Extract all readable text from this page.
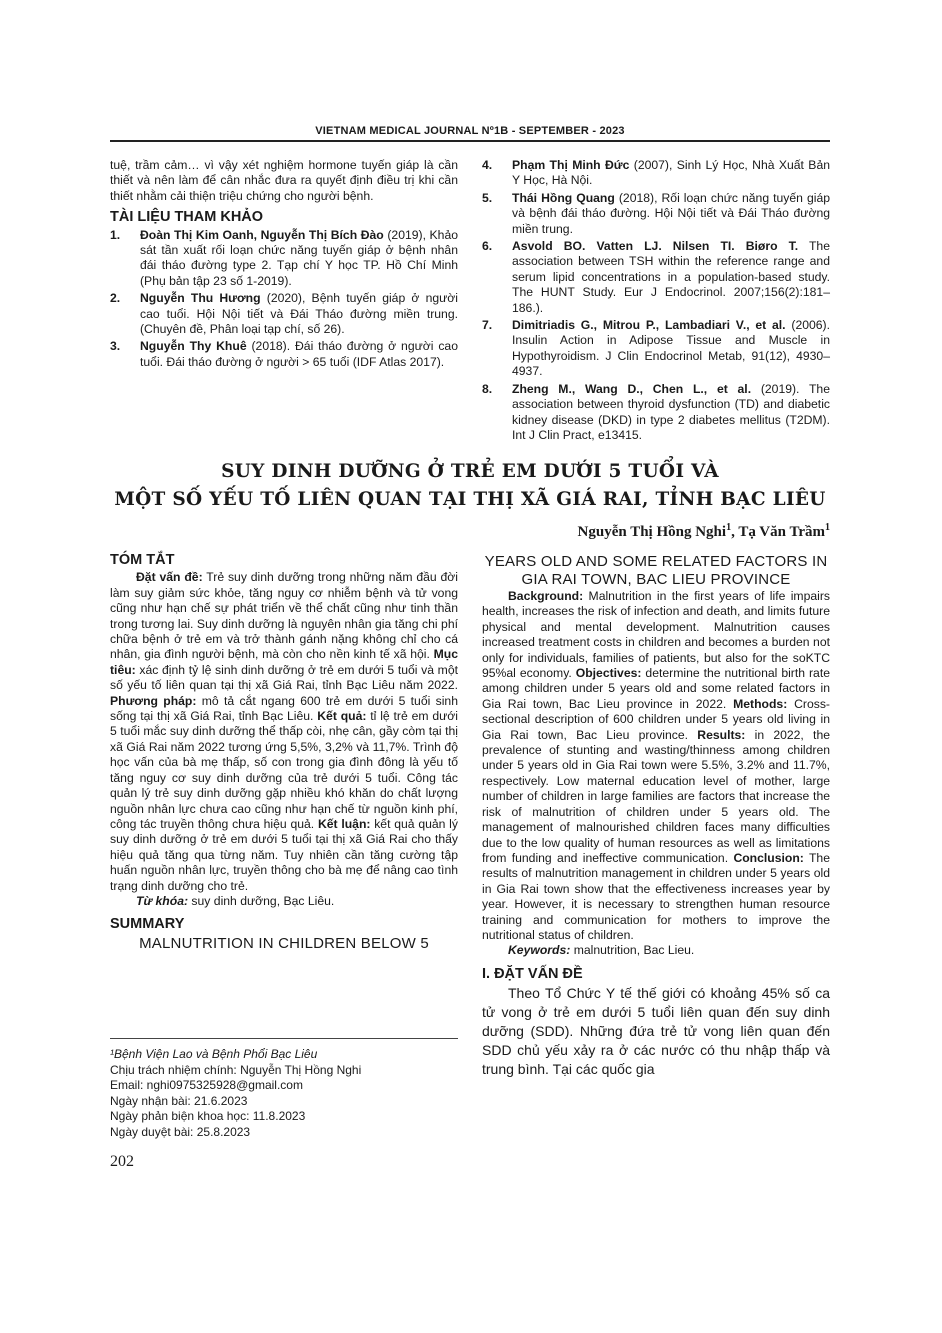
VIETNAM MEDICAL JOURNAL Nº1B - SEPTEMBER - 2023

tuệ, trầm cảm… vì vậy xét nghiệm hormone tuyến giáp là cần thiết và nên làm để cân nhắc đưa ra quyết định điều trị khi cần thiết nhằm cải thiện triệu chứng cho người bệnh.

TÀI LIỆU THAM KHẢO
1. Đoàn Thị Kim Oanh, Nguyễn Thị Bích Đào (2019), Khảo sát tần xuất rối loạn chức năng tuyến giáp ở bệnh nhân đái tháo đường type 2. Tạp chí Y học TP. Hồ Chí Minh (Phụ bản tập 23 số 1-2019).
2. Nguyễn Thu Hương (2020), Bệnh tuyến giáp ở người cao tuổi. Hội Nội tiết và Đái Tháo đường miền trung. (Chuyên đề, Phân loại tạp chí, số 26).
3. Nguyễn Thy Khuê (2018). Đái tháo đường ở người cao tuổi. Đái tháo đường ở người > 65 tuổi (IDF Atlas 2017).
4. Phạm Thị Minh Đức (2007), Sinh Lý Học, Nhà Xuất Bản Y Học, Hà Nội.
5. Thái Hồng Quang (2018), Rối loạn chức năng tuyến giáp và bệnh đái tháo đường. Hội Nội tiết và Đái Tháo đường miền trung.
6. Asvold BO. Vatten LJ. Nilsen TI. Biøro T. The association between TSH within the reference range and serum lipid concentrations in a population-based study. The HUNT Study. Eur J Endocrinol. 2007;156(2):181–186.).
7. Dimitriadis G., Mitrou P., Lambadiari V., et al. (2006). Insulin Action in Adipose Tissue and Muscle in Hypothyroidism. J Clin Endocrinol Metab, 91(12), 4930–4937.
8. Zheng M., Wang D., Chen L., et al. (2019). The association between thyroid dysfunction (TD) and diabetic kidney disease (DKD) in type 2 diabetes mellitus (T2DM). Int J Clin Pract, e13415.
SUY DINH DƯỠNG Ở TRẺ EM DƯỚI 5 TUỔI VÀ
MỘT SỐ YẾU TỐ LIÊN QUAN TẠI THỊ XÃ GIÁ RAI, TỈNH BẠC LIÊU
Nguyễn Thị Hồng Nghi$^1$, Tạ Văn Trầm$^1$
TÓM TẮT

Đặt vấn đề: Trẻ suy dinh dưỡng trong những năm đầu đời làm suy giảm sức khỏe, tăng nguy cơ nhiễm bệnh và tử vong cũng như hạn chế sự phát triển về thể chất cũng như tinh thần trong tương lai. Suy dinh dưỡng là nguyên nhân gia tăng chi phí chữa bệnh ở trẻ em và trở thành gánh nặng không chỉ cho cá nhân, gia đình người bệnh, mà còn cho nền kinh tế xã hội. Mục tiêu: xác định tỷ lệ sinh dinh dưỡng ở trẻ em dưới 5 tuổi và một số yếu tố liên quan tại thị xã Giá Rai, tỉnh Bạc Liêu năm 2022. Phương pháp: mô tả cắt ngang 600 trẻ em dưới 5 tuổi sinh sống tại thị xã Giá Rai, tỉnh Bạc Liêu. Kết quả: tỉ lệ trẻ em dưới 5 tuổi mắc suy dinh dưỡng thể thấp còi, nhẹ cân, gầy còm tại thị xã Giá Rai năm 2022 tương ứng 5,5%, 3,2% và 11,7%. Trình độ học vấn của bà mẹ thấp, số con trong gia đình đông là yếu tố tăng nguy cơ suy dinh dưỡng của trẻ dưới 5 tuổi. Công tác quản lý trẻ suy dinh dưỡng gặp nhiều khó khăn do chất lượng nguồn nhân lực chưa cao cũng như hạn chế từ nguồn kinh phí, công tác truyền thông chưa hiệu quả. Kết luận: kết quả quản lý suy dinh dưỡng ở trẻ em dưới 5 tuổi tại thị xã Giá Rai cho thấy hiệu quả tăng qua từng năm. Tuy nhiên cần tăng cường tập huấn nguồn nhân lực, truyền thông cho bà mẹ để nâng cao tình trạng dinh dưỡng cho trẻ.

Từ khóa: suy dinh dưỡng, Bạc Liêu.

SUMMARY
MALNUTRITION IN CHILDREN BELOW 5
YEARS OLD AND SOME RELATED FACTORS IN GIA RAI TOWN, BAC LIEU PROVINCE

Background: Malnutrition in the first years of life impairs health, increases the risk of infection and death, and limits future physical and mental development. Malnutrition causes increased treatment costs in children and becomes a burden not only for individuals, families of patients, but also for the soKTC 95%al economy. Objectives: determine the nutritional birth rate among children under 5 years old and some related factors in Gia Rai town, Bac Lieu province in 2022. Methods: Cross-sectional description of 600 children under 5 years old living in Gia Rai town, Bac Lieu province. Results: in 2022, the prevalence of stunting and wasting/thinness among children under 5 years old in Gia Rai town were 5.5%, 3.2% and 11.7%, respectively. Low maternal education level of mother, large number of children in large families are factors that increase the risk of malnutrition of children under 5 years old. The management of malnourished children faces many difficulties due to the low quality of human resources as well as limitations from funding and ineffective communication. Conclusion: The results of malnutrition management in children under 5 years old in Gia Rai town show that the effectiveness increases year by year. However, it is necessary to strengthen human resource training and communication for mothers to improve the nutritional status of children.

Keywords: malnutrition, Bac Lieu.

I. ĐẶT VẤN ĐỀ

Theo Tổ Chức Y tế thế giới có khoảng 45% số ca tử vong ở trẻ em dưới 5 tuổi liên quan đến suy dinh dưỡng (SDD). Những đứa trẻ tử vong liên quan đến SDD chủ yếu xảy ra ở các nước có thu nhập thấp và trung bình. Tại các quốc gia

¹Bệnh Viện Lao và Bệnh Phổi Bạc Liêu
Chịu trách nhiệm chính: Nguyễn Thị Hồng Nghi
Email: nghi0975325928@gmail.com
Ngày nhận bài: 21.6.2023
Ngày phản biện khoa học: 11.8.2023
Ngày duyệt bài: 25.8.2023
202
